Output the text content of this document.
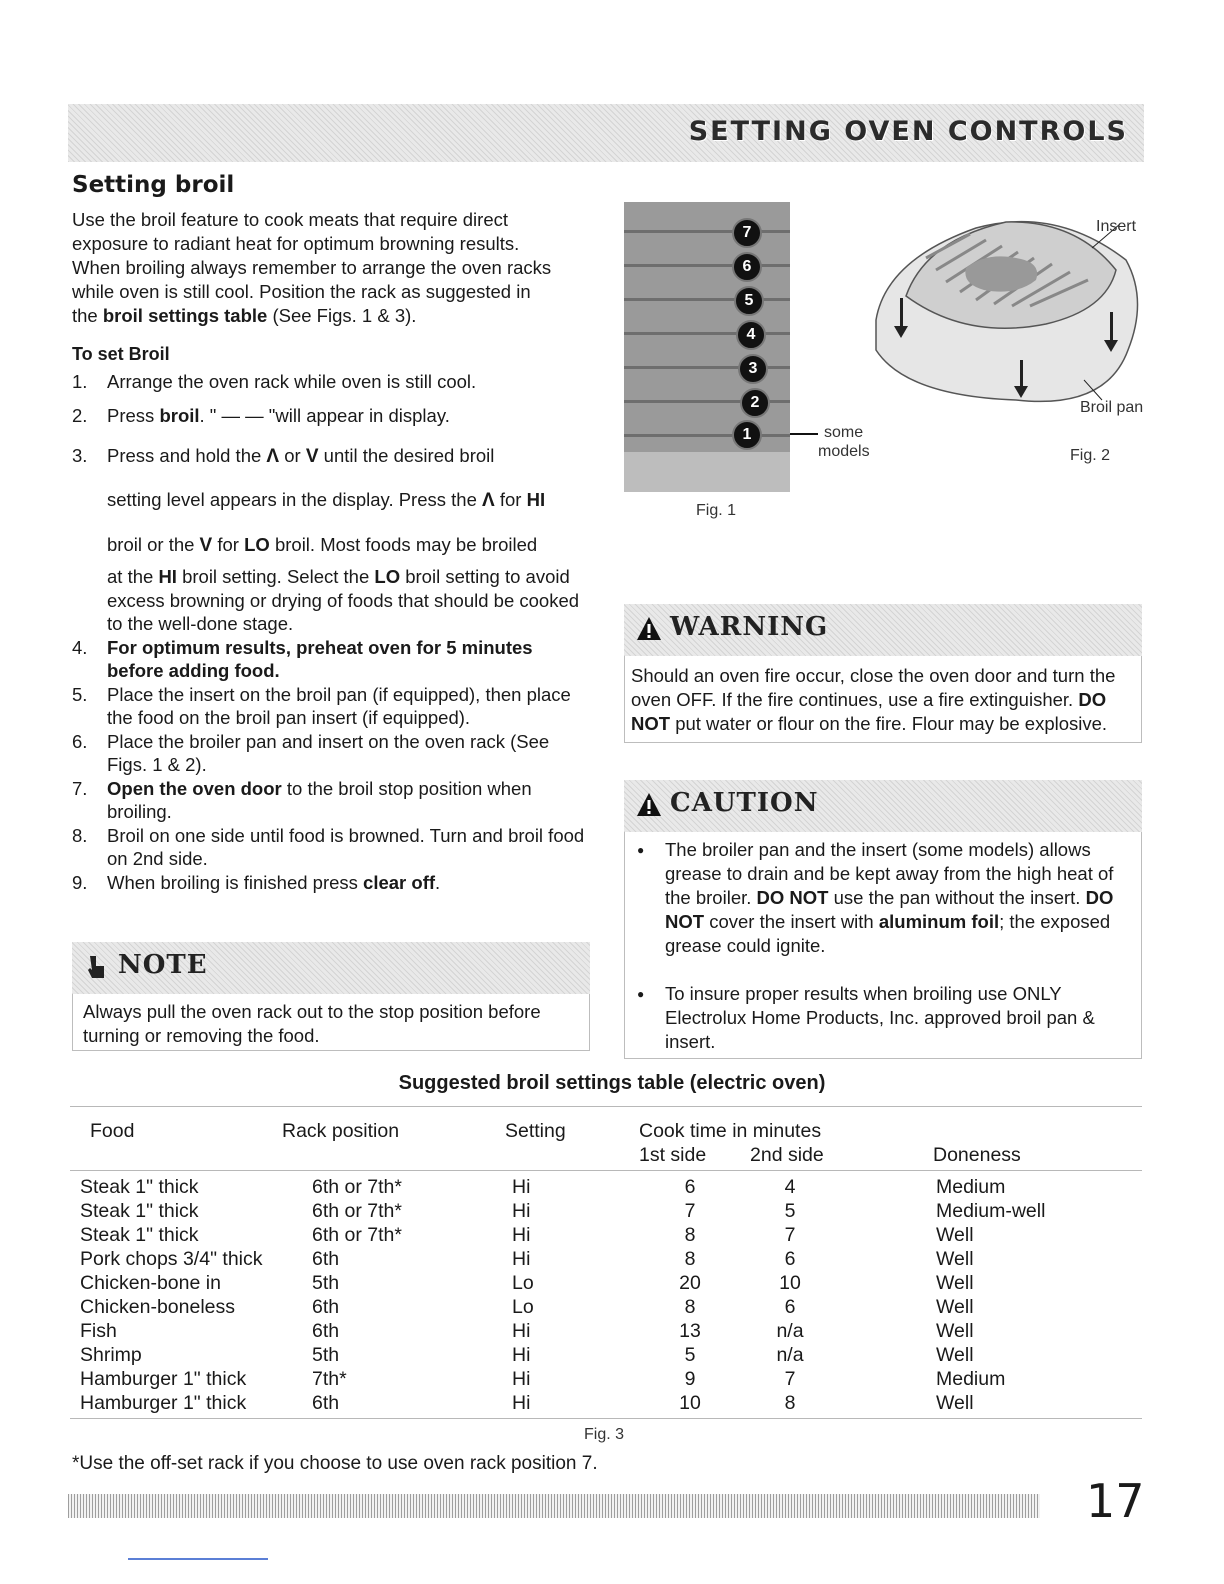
SETTING OVEN CONTROLS
Setting broil

Use the broil feature to cook meats that require direct exposure to radiant heat for optimum browning results. When broiling always remember to arrange the oven racks while oven is still cool. Position the rack as suggested in the broil settings table (See Figs. 1 & 3).

To set Broil
1. Arrange the oven rack while oven is still cool.
2. Press broil. " — — "will appear in display.
3. Press and hold the Λ or V until the desired broil
setting level appears in the display. Press the Λ for HI
broil or the V for LO broil. Most foods may be broiled
at the HI broil setting. Select the LO broil setting to avoid excess browning or drying of foods that should be cooked to the well-done stage.
4. For optimum results, preheat oven for 5 minutes before adding food.
5. Place the insert on the broil pan (if equipped), then place the food on the broil pan insert (if equipped).
6. Place the broiler pan and insert on the oven rack (See Figs. 1 & 2).
7. Open the oven door to the broil stop position when broiling.
8. Broil on one side until food is browned. Turn and broil food on 2nd side.
9. When broiling is finished press clear off.
NOTE
Always pull the oven rack out to the stop position before turning or removing the food.
7
6
5
4
3
2
1	some
models
Fig. 1
Insert
Broil pan
Fig. 2
WARNING
Should an oven fire occur, close the oven door and turn the oven OFF. If the fire continues, use a fire extinguisher. DO NOT put water or flour on the fire. Flour may be explosive.
CAUTION
● The broiler pan and the insert (some models) allows grease to drain and be kept away from the high heat of the broiler. DO NOT use the pan without the insert. DO NOT cover the insert with aluminum foil; the exposed grease could ignite.
● To insure proper results when broiling use ONLY Electrolux Home Products, Inc. approved broil pan & insert.
Suggested broil settings table (electric oven)
Food	Rack position	Setting	Cook time in minutes
1st side 2nd side	Doneness
Steak 1" thick	6th or 7th*	Hi	6	4	Medium
Steak 1" thick	6th or 7th*	Hi	7	5	Medium-well
Steak 1" thick	6th or 7th*	Hi	8	7	Well
Pork chops 3/4" thick	6th	Hi	8	6	Well
Chicken-bone in	5th	Lo	20	10	Well
Chicken-boneless	6th	Lo	8	6	Well
Fish	6th	Hi	13	n/a	Well
Shrimp	5th	Hi	5	n/a	Well
Hamburger 1" thick	7th*	Hi	9	7	Medium
Hamburger 1" thick	6th	Hi	10	8	Well
Fig. 3
*Use the off-set rack if you choose to use oven rack position 7.
17
